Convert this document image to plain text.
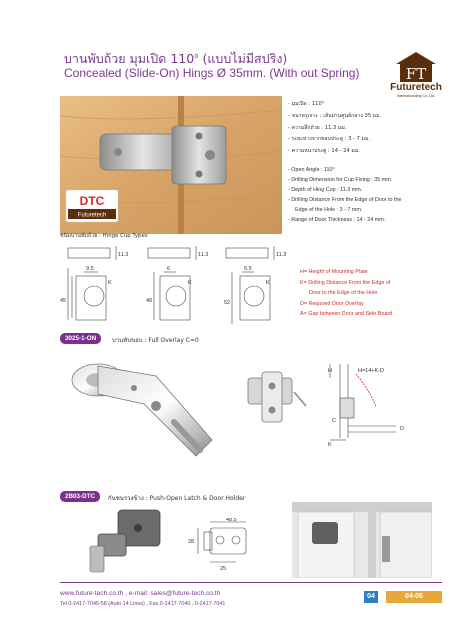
บานพับถ้วย มุมเปิด 110$^o$ (แบบไม่มีสปริง)
Concealed (Slide-On) Hings Ø 35mm. (With out Spring)	FT
Futuretech
Internationaling Co.,Ltd.
DTC
Futuretech
- มุมเปิด : 110°
- ขนาดรูเจาะ : เส้นผ่านศูนย์กลาง 35 มม.
- ความลึกถ้วย : 11.3 มม.
- ระยะห่างจากขอบประตู : 3 - 7 มม.
- ความหนาประตู : 14 - 24 มม.
- Open Angle : 110°
- Drilling Dimension for Cup Fixing : 35 mm.
- Depth of Hing Cup : 11.3 mm.
- Drilling Distance From the Edge of Door to the
Edge of the Hole : 3 - 7 mm.
- Range of Door Thickness : 14 - 24 mm.
ชนิดบานพับถ้วย : Hinge Cup Types
9.5
45
11.3
K
6
48
11.3
K
5.5
52
11.3
K
H= Height of Mounting Plate
K= Drilling Distance From the Edge of
Door to the Edge of the Hole
D= Required Door Overlay
A= Gap between Door and Side Board
3025-1-ON	บานทับขอบ : Full Overlay C=0
H=14+K-D
H
K
D
C
2B03-DTC	กันชนรวงข้าง : Push-Open Latch & Door Holder
48.5
28
25
www.future-tech.co.th , e-mail: sales@future-tech.co.th
Tel.0-2417-7045-58 (Auto 14 Lines) , Fax.0-2417-7040 , 0-2417-7041
04	04-06
